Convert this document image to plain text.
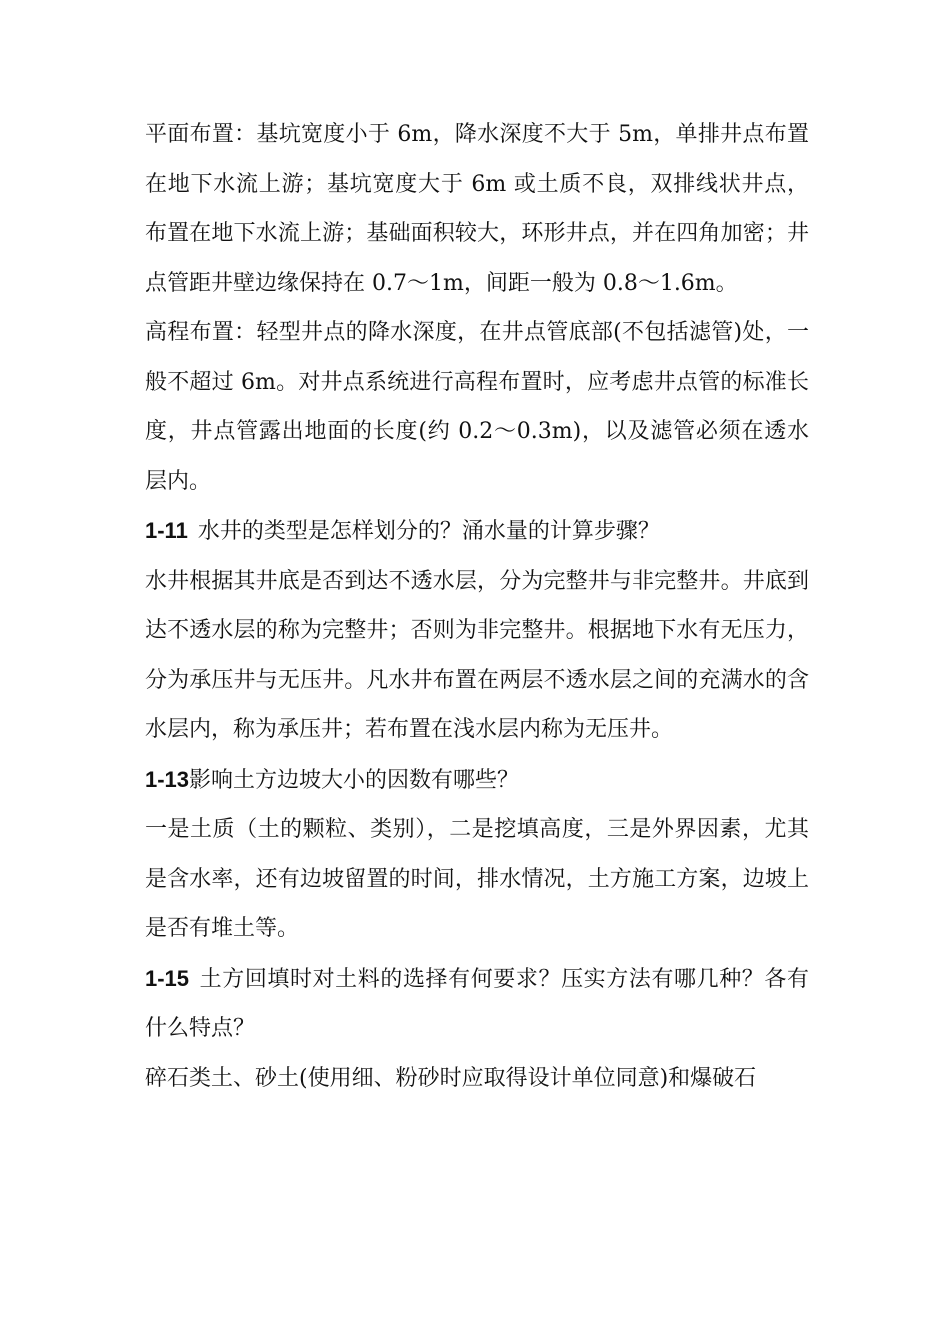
平面布置：基坑宽度小于 6m，降水深度不大于 5m，单排井点布置在地下水流上游；基坑宽度大于 6m 或土质不良，双排线状井点，布置在地下水流上游；基础面积较大，环形井点，并在四角加密；井点管距井壁边缘保持在 0.7～1m，间距一般为 0.8～1.6m。

高程布置：轻型井点的降水深度，在井点管底部(不包括滤管)处，一般不超过 6m。对井点系统进行高程布置时，应考虑井点管的标准长度，井点管露出地面的长度(约 0.2～0.3m)，以及滤管必须在透水层内。

1-11 水井的类型是怎样划分的？涌水量的计算步骤？

水井根据其井底是否到达不透水层，分为完整井与非完整井。井底到达不透水层的称为完整井；否则为非完整井。根据地下水有无压力，分为承压井与无压井。凡水井布置在两层不透水层之间的充满水的含水层内，称为承压井；若布置在浅水层内称为无压井。

1-13影响土方边坡大小的因数有哪些？

一是土质（土的颗粒、类别），二是挖填高度，三是外界因素，尤其是含水率，还有边坡留置的时间，排水情况，土方施工方案，边坡上是否有堆土等。

1-15 土方回填时对土料的选择有何要求？压实方法有哪几种？各有什么特点？

碎石类土、砂土(使用细、粉砂时应取得设计单位同意)和爆破石
